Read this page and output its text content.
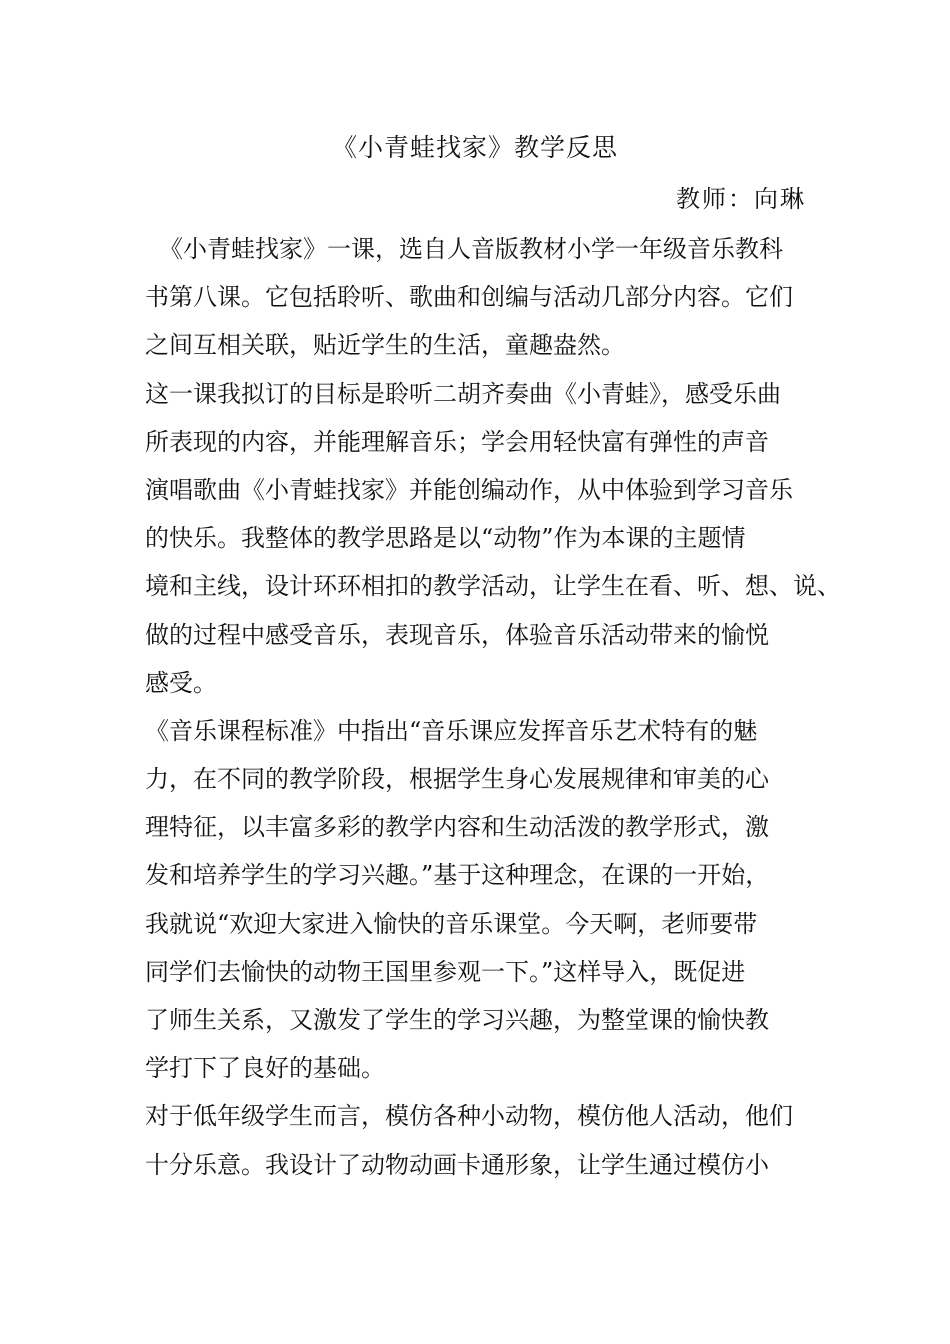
《小青蛙找家》教学反思
教师：向琳
《小青蛙找家》一课，选自人音版教材小学一年级音乐教科
书第八课。它包括聆听、歌曲和创编与活动几部分内容。它们
之间互相关联，贴近学生的生活，童趣盎然。
这一课我拟订的目标是聆听二胡齐奏曲《小青蛙》，感受乐曲
所表现的内容，并能理解音乐；学会用轻快富有弹性的声音
演唱歌曲《小青蛙找家》并能创编动作，从中体验到学习音乐
的快乐。我整体的教学思路是以“动物”作为本课的主题情
境和主线，设计环环相扣的教学活动，让学生在看、听、想、说、
做的过程中感受音乐，表现音乐，体验音乐活动带来的愉悦
感受。
《音乐课程标准》中指出“音乐课应发挥音乐艺术特有的魅
力，在不同的教学阶段，根据学生身心发展规律和审美的心
理特征，以丰富多彩的教学内容和生动活泼的教学形式，激
发和培养学生的学习兴趣。”基于这种理念，在课的一开始，
我就说“欢迎大家进入愉快的音乐课堂。今天啊，老师要带
同学们去愉快的动物王国里参观一下。”这样导入，既促进
了师生关系，又激发了学生的学习兴趣，为整堂课的愉快教
学打下了良好的基础。
对于低年级学生而言，模仿各种小动物，模仿他人活动，他们
十分乐意。我设计了动物动画卡通形象，让学生通过模仿小
